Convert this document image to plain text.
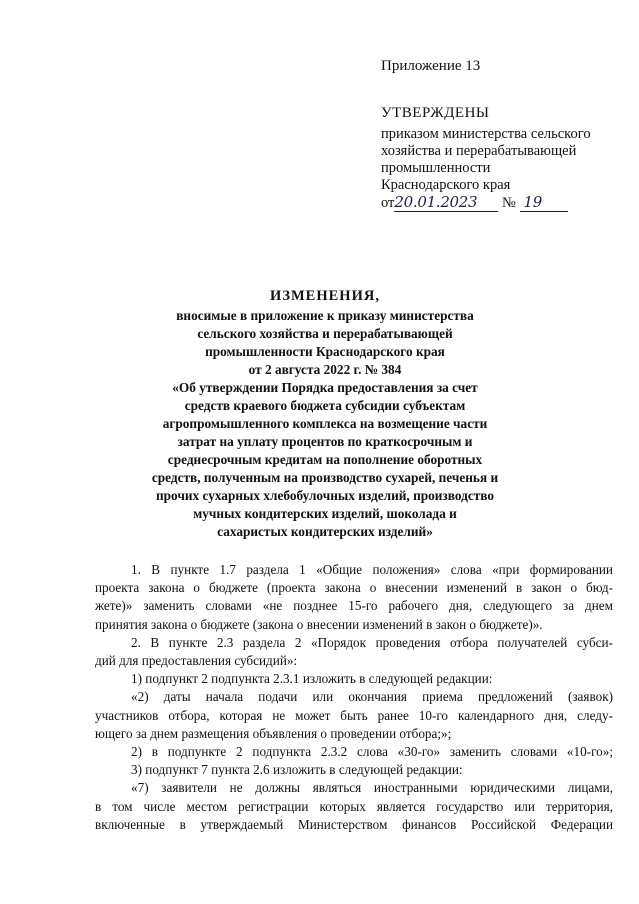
Приложение 13

УТВЕРЖДЕНЫ

приказом министерства сельского

хозяйства и перерабатывающей

промышленности

Краснодарского края

от20.01.2023 № 19
ИЗМЕНЕНИЯ,
вносимые в приложение к приказу министерства
сельского хозяйства и перерабатывающей
промышленности Краснодарского края
от 2 августа 2022 г. № 384
«Об утверждении Порядка предоставления за счет
средств краевого бюджета субсидии субъектам
агропромышленного комплекса на возмещение части
затрат на уплату процентов по краткосрочным и
среднесрочным кредитам на пополнение оборотных
средств, полученным на производство сухарей, печенья и
прочих сухарных хлебобулочных изделий, производство
мучных кондитерских изделий, шоколада и
сахаристых кондитерских изделий»

1. В пункте 1.7 раздела 1 «Общие положения» слова «при формировании

проекта закона о бюджете (проекта закона о внесении изменений в закон о бюд-

жете)» заменить словами «не позднее 15-го рабочего дня, следующего за днем

принятия закона о бюджете (закона о внесении изменений в закон о бюджете)».

2. В пункте 2.3 раздела 2 «Порядок проведения отбора получателей субси-

дий для предоставления субсидий»:

1) подпункт 2 подпункта 2.3.1 изложить в следующей редакции:

«2) даты начала подачи или окончания приема предложений (заявок)

участников отбора, которая не может быть ранее 10-го календарного дня, следу-

ющего за днем размещения объявления о проведении отбора;»;

2) в подпункте 2 подпункта 2.3.2 слова «30-го» заменить словами «10-го»;

3) подпункт 7 пункта 2.6 изложить в следующей редакции:

«7) заявители не должны являться иностранными юридическими лицами,

в том числе местом регистрации которых является государство или территория,

включенные в утверждаемый Министерством финансов Российской Федерации
